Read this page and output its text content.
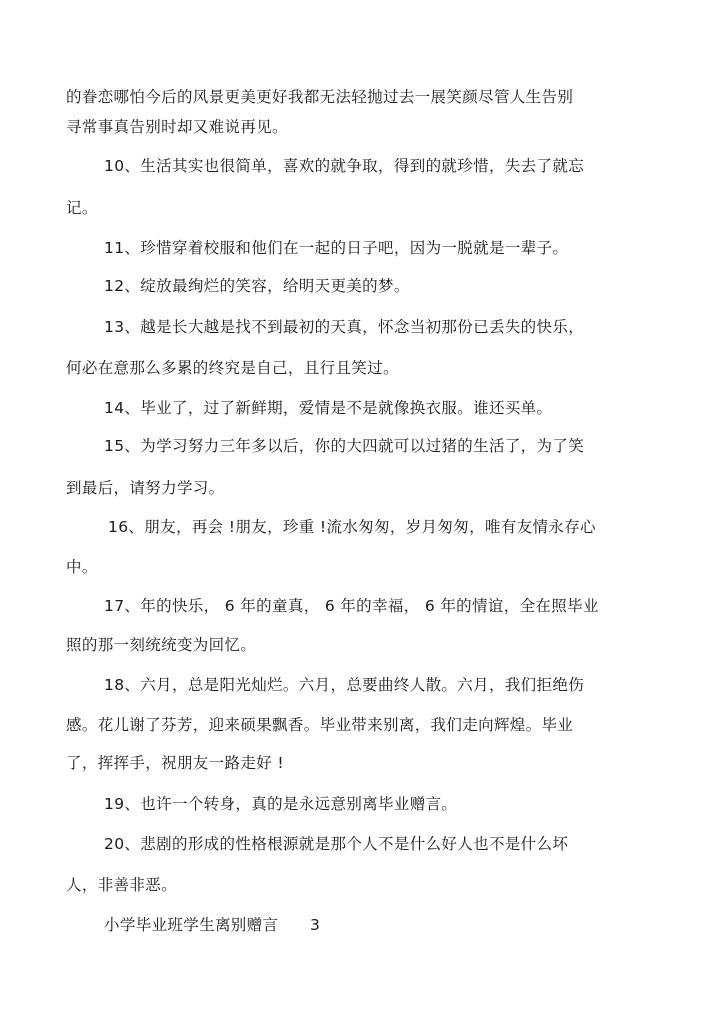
的眷恋哪怕今后的风景更美更好我都无法轻抛过去一展笑颜尽管人生告别
寻常事真告别时却又难说再见。
10、生活其实也很简单，喜欢的就争取，得到的就珍惜，失去了就忘
记。
11、珍惜穿着校服和他们在一起的日子吧，因为一脱就是一辈子。
12、绽放最绚烂的笑容，给明天更美的梦。
13、越是长大越是找不到最初的天真，怀念当初那份已丢失的快乐，
何必在意那么多累的终究是自己，且行且笑过。
14、毕业了，过了新鲜期，爱情是不是就像换衣服。谁还买单。
15、为学习努力三年多以后，你的大四就可以过猪的生活了，为了笑
到最后，请努力学习。
16、朋友，再会 !朋友，珍重 !流水匆匆，岁月匆匆，唯有友情永存心
中。
17、年的快乐， 6 年的童真， 6 年的幸福， 6 年的情谊，全在照毕业
照的那一刻统统变为回忆。
18、六月，总是阳光灿烂。六月，总要曲终人散。六月，我们拒绝伤
感。花儿谢了芬芳，迎来硕果飘香。毕业带来别离，我们走向辉煌。毕业
了，挥挥手，祝朋友一路走好 !
19、也许一个转身，真的是永远意别离毕业赠言。
20、悲剧的形成的性格根源就是那个人不是什么好人也不是什么坏
人，非善非恶。
小学毕业班学生离别赠言      3
